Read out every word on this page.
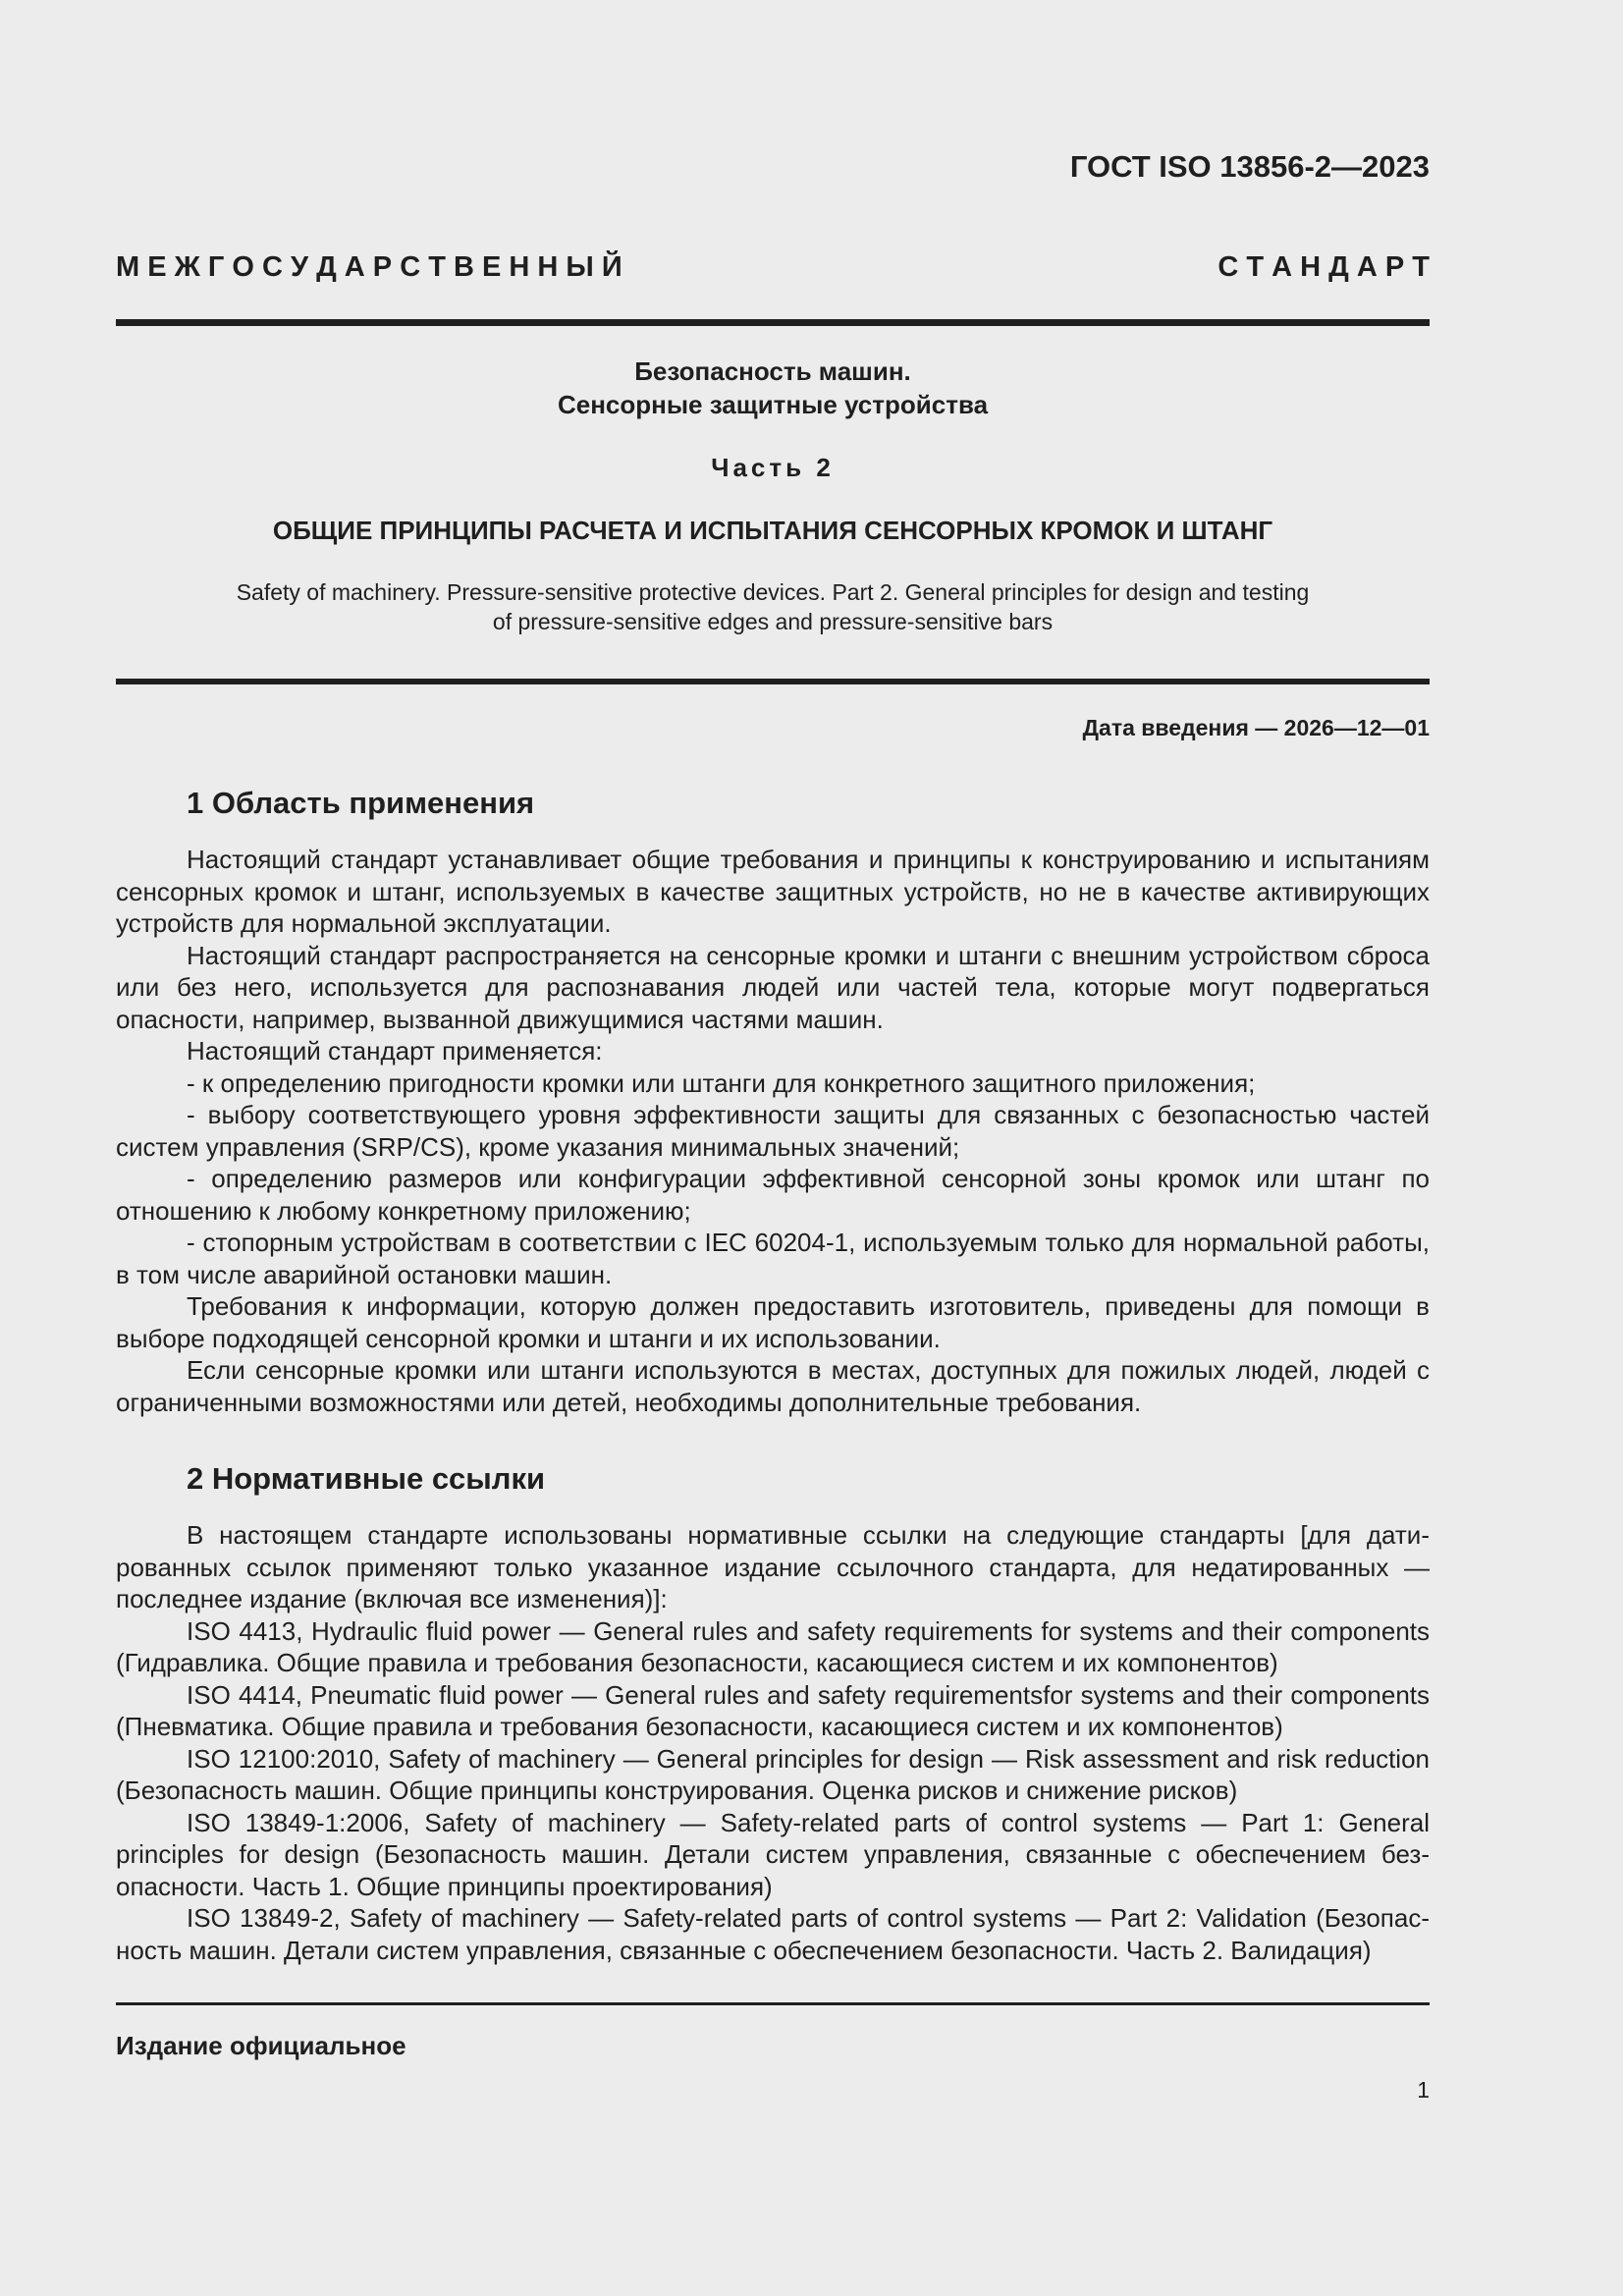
ГОСТ ISO 13856-2—2023
М Е Ж Г О С У Д А Р С Т В Е Н Н Ы Й	С Т А Н Д А Р Т
Безопасность машин.
Сенсорные защитные устройства
Часть 2
ОБЩИЕ ПРИНЦИПЫ РАСЧЕТА И ИСПЫТАНИЯ СЕНСОРНЫХ КРОМОК И ШТАНГ
Safety of machinery. Pressure-sensitive protective devices. Part 2. General principles for design and testing
of pressure-sensitive edges and pressure-sensitive bars
Дата введения — 2026—12—01
1 Область применения

Настоящий стандарт устанавливает общие требования и принципы к конструированию и испытаниям сенсорных кромок и штанг, используемых в качестве защитных устройств, но не в качестве активирующих устройств для нормальной эксплуатации.

Настоящий стандарт распространяется на сенсорные кромки и штанги с внешним устройством сброса или без него, используется для распознавания людей или частей тела, которые могут подвергаться опасности, например, вызванной движущимися частями машин.

Настоящий стандарт применяется:

- к определению пригодности кромки или штанги для конкретного защитного приложения;

- выбору соответствующего уровня эффективности защиты для связанных с безопасностью частей систем управления (SRP/CS), кроме указания минимальных значений;

- определению размеров или конфигурации эффективной сенсорной зоны кромок или штанг по отношению к любому конкретному приложению;

- стопорным устройствам в соответствии с IEC 60204-1, используемым только для нормальной работы, в том числе аварийной остановки машин.

Требования к информации, которую должен предоставить изготовитель, приведены для помощи в выборе подходящей сенсорной кромки и штанги и их использовании.

Если сенсорные кромки или штанги используются в местах, доступных для пожилых людей, людей с ограниченными возможностями или детей, необходимы дополнительные требования.

2 Нормативные ссылки

В настоящем стандарте использованы нормативные ссылки на следующие стандарты [для датированных ссылок применяют только указанное издание ссылочного стандарта, для недатированных — последнее издание (включая все изменения)]:

ISO 4413, Hydraulic fluid power — General rules and safety requirements for systems and their components (Гидравлика. Общие правила и требования безопасности, касающиеся систем и их компонентов)

ISO 4414, Pneumatic fluid power — General rules and safety requirementsfor systems and their components (Пневматика. Общие правила и требования безопасности, касающиеся систем и их компонентов)

ISO 12100:2010, Safety of machinery — General principles for design — Risk assessment and risk reduction (Безопасность машин. Общие принципы конструирования. Оценка рисков и снижение рисков)

ISO 13849-1:2006, Safety of machinery — Safety-related parts of control systems — Part 1: General principles for design (Безопасность машин. Детали систем управления, связанные с обеспечением безопасности. Часть 1. Общие принципы проектирования)

ISO 13849-2, Safety of machinery — Safety-related parts of control systems — Part 2: Validation (Безопасность машин. Детали систем управления, связанные с обеспечением безопасности. Часть 2. Валидация)

Издание официальное
1
